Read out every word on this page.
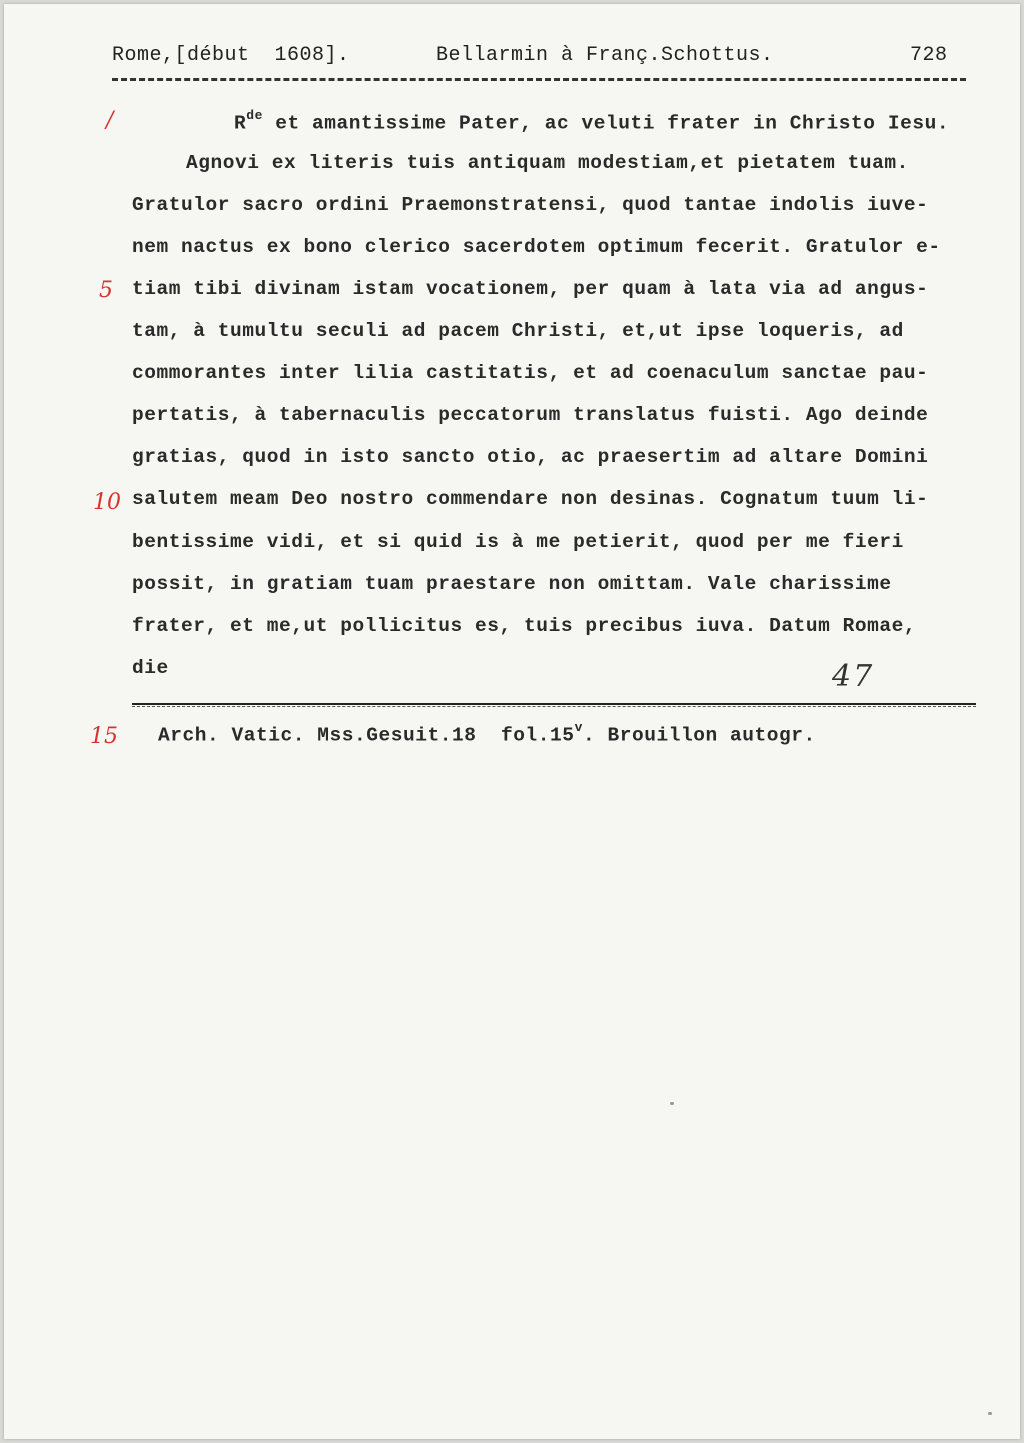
Rome,[début  1608].	Bellarmin à Franç.Schottus.	728
/
5
10
15
$R^{de}$ et amantissime Pater, ac veluti frater in Christo Iesu.
Agnovi ex literis tuis antiquam modestiam,et pietatem tuam.
Gratulor sacro ordini Praemonstratensi, quod tantae indolis iuve-
nem nactus ex bono clerico sacerdotem optimum fecerit. Gratulor e-
tiam tibi divinam istam vocationem, per quam à lata via ad angus-
tam, à tumultu seculi ad pacem Christi, et,ut ipse loqueris, ad
commorantes inter lilia castitatis, et ad coenaculum sanctae pau-
pertatis, à tabernaculis peccatorum translatus fuisti. Ago deinde
gratias, quod in isto sancto otio, ac praesertim ad altare Domini
salutem meam Deo nostro commendare non desinas. Cognatum tuum li-
bentissime vidi, et si quid is à me petierit, quod per me fieri
possit, in gratiam tuam praestare non omittam. Vale charissime
frater, et me,ut pollicitus es, tuis precibus iuva. Datum Romae,
die	47
Arch. Vatic. Mss.Gesuit.18  fol.15$^v$. Brouillon autogr.
